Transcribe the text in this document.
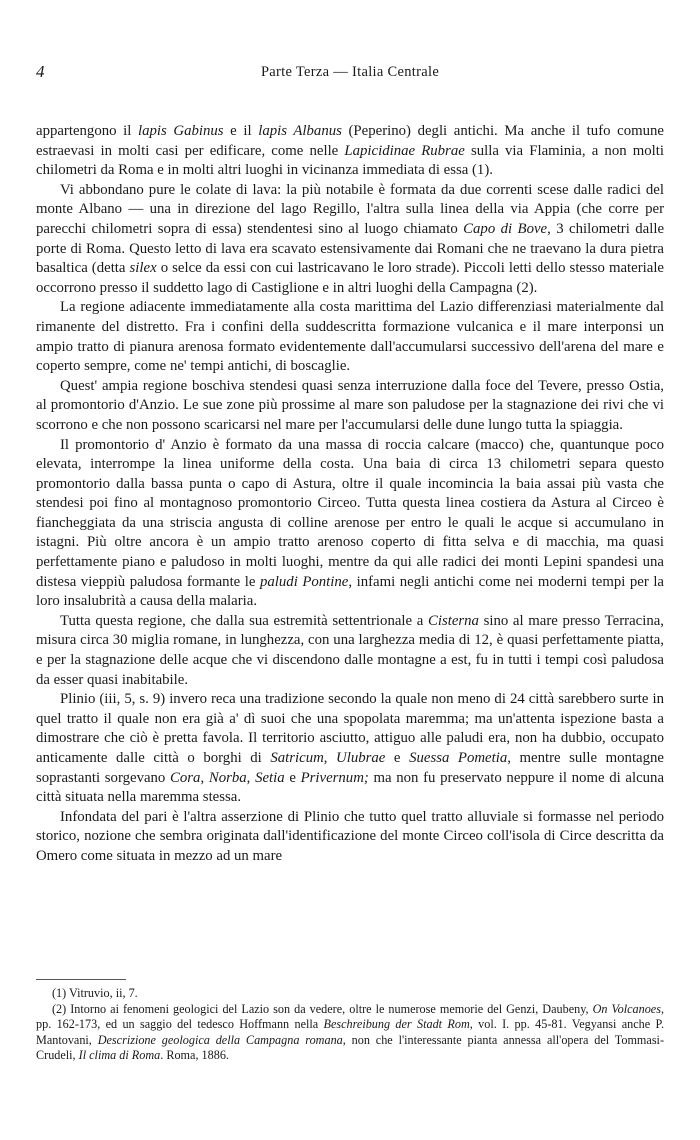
4	Parte Terza — Italia Centrale

appartengono il lapis Gabinus e il lapis Albanus (Peperino) degli antichi. Ma anche il tufo comune estraevasi in molti casi per edificare, come nelle Lapicidinae Rubrae sulla via Flaminia, a non molti chilometri da Roma e in molti altri luoghi in vicinanza immediata di essa (1).

Vi abbondano pure le colate di lava: la più notabile è formata da due correnti scese dalle radici del monte Albano — una in direzione del lago Regillo, l'altra sulla linea della via Appia (che corre per parecchi chilometri sopra di essa) stendentesi sino al luogo chiamato Capo di Bove, 3 chilometri dalle porte di Roma. Questo letto di lava era scavato estensivamente dai Romani che ne traevano la dura pietra basaltica (detta silex o selce da essi con cui lastricavano le loro strade). Piccoli letti dello stesso materiale occorrono presso il suddetto lago di Castiglione e in altri luoghi della Campagna (2).

La regione adiacente immediatamente alla costa marittima del Lazio differenziasi materialmente dal rimanente del distretto. Fra i confini della suddescritta formazione vulcanica e il mare interponsi un ampio tratto di pianura arenosa formato evidentemente dall'accumularsi successivo dell'arena del mare e coperto sempre, come ne' tempi antichi, di boscaglie.

Quest' ampia regione boschiva stendesi quasi senza interruzione dalla foce del Tevere, presso Ostia, al promontorio d'Anzio. Le sue zone più prossime al mare son paludose per la stagnazione dei rivi che vi scorrono e che non possono scaricarsi nel mare per l'accumularsi delle dune lungo tutta la spiaggia.

Il promontorio d' Anzio è formato da una massa di roccia calcare (macco) che, quantunque poco elevata, interrompe la linea uniforme della costa. Una baia di circa 13 chilometri separa questo promontorio dalla bassa punta o capo di Astura, oltre il quale incomincia la baia assai più vasta che stendesi poi fino al montagnoso promontorio Circeo. Tutta questa linea costiera da Astura al Circeo è fiancheggiata da una striscia angusta di colline arenose per entro le quali le acque si accumulano in istagni. Più oltre ancora è un ampio tratto arenoso coperto di fitta selva e di macchia, ma quasi perfettamente piano e paludoso in molti luoghi, mentre da qui alle radici dei monti Lepini spandesi una distesa vieppiù paludosa formante le paludi Pontine, infami negli antichi come nei moderni tempi per la loro insalubrità a causa della malaria.

Tutta questa regione, che dalla sua estremità settentrionale a Cisterna sino al mare presso Terracina, misura circa 30 miglia romane, in lunghezza, con una larghezza media di 12, è quasi perfettamente piatta, e per la stagnazione delle acque che vi discendono dalle montagne a est, fu in tutti i tempi così paludosa da esser quasi inabitabile.

Plinio (iii, 5, s. 9) invero reca una tradizione secondo la quale non meno di 24 città sarebbero surte in quel tratto il quale non era già a' dì suoi che una spopolata maremma; ma un'attenta ispezione basta a dimostrare che ciò è pretta favola. Il territorio asciutto, attiguo alle paludi era, non ha dubbio, occupato anticamente dalle città o borghi di Satricum, Ulubrae e Suessa Pometia, mentre sulle montagne soprastanti sorgevano Cora, Norba, Setia e Privernum; ma non fu preservato neppure il nome di alcuna città situata nella maremma stessa.

Infondata del pari è l'altra asserzione di Plinio che tutto quel tratto alluviale si formasse nel periodo storico, nozione che sembra originata dall'identificazione del monte Circeo coll'isola di Circe descritta da Omero come situata in mezzo ad un mare

(1) Vitruvio, ii, 7.

(2) Intorno ai fenomeni geologici del Lazio son da vedere, oltre le numerose memorie del Genzi, Daubeny, On Volcanoes, pp. 162-173, ed un saggio del tedesco Hoffmann nella Beschreibung der Stadt Rom, vol. I. pp. 45-81. Vegyansi anche P. Mantovani, Descrizione geologica della Campagna romana, non che l'interessante pianta annessa all'opera del Tommasi-Crudeli, Il clima di Roma. Roma, 1886.
